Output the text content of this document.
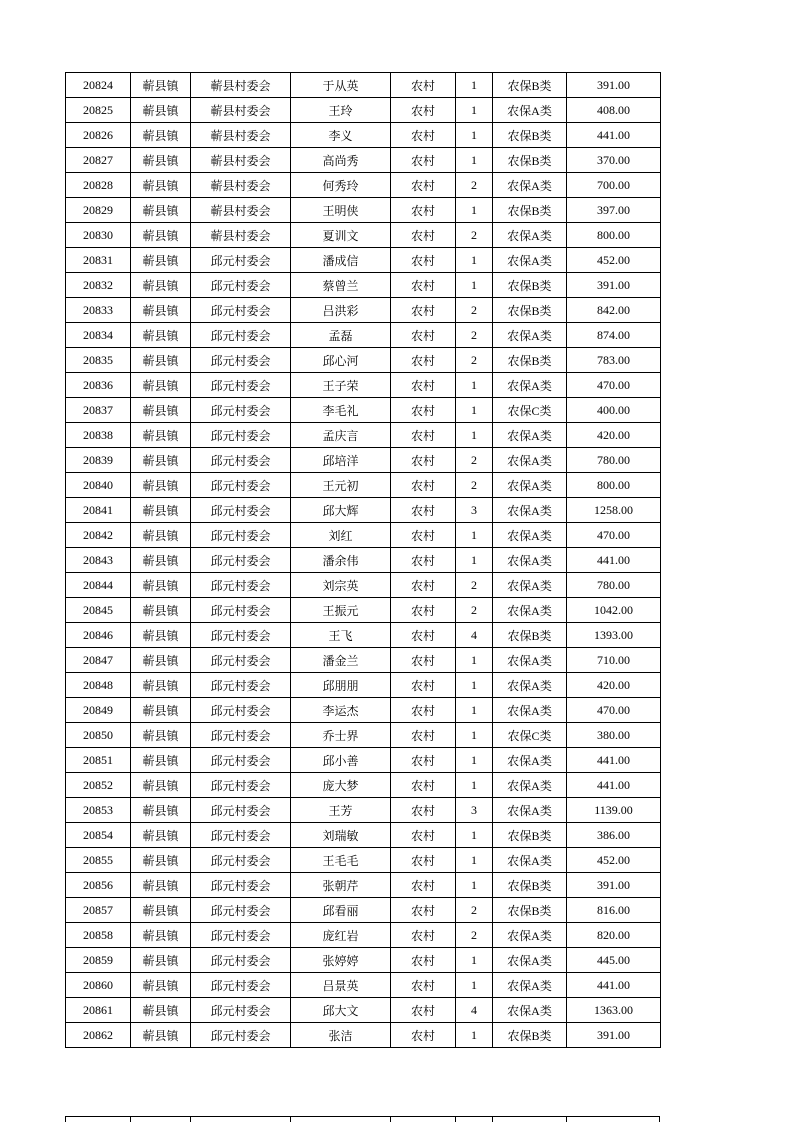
20824	蕲县镇	蕲县村委会	于从英	农村	1	农保B类	391.00
20825	蕲县镇	蕲县村委会	王玲	农村	1	农保A类	408.00
20826	蕲县镇	蕲县村委会	李义	农村	1	农保B类	441.00
20827	蕲县镇	蕲县村委会	高尚秀	农村	1	农保B类	370.00
20828	蕲县镇	蕲县村委会	何秀玲	农村	2	农保A类	700.00
20829	蕲县镇	蕲县村委会	王明侠	农村	1	农保B类	397.00
20830	蕲县镇	蕲县村委会	夏训文	农村	2	农保A类	800.00
20831	蕲县镇	邱元村委会	潘成信	农村	1	农保A类	452.00
20832	蕲县镇	邱元村委会	蔡曾兰	农村	1	农保B类	391.00
20833	蕲县镇	邱元村委会	吕洪彩	农村	2	农保B类	842.00
20834	蕲县镇	邱元村委会	孟磊	农村	2	农保A类	874.00
20835	蕲县镇	邱元村委会	邱心河	农村	2	农保B类	783.00
20836	蕲县镇	邱元村委会	王子荣	农村	1	农保A类	470.00
20837	蕲县镇	邱元村委会	李毛礼	农村	1	农保C类	400.00
20838	蕲县镇	邱元村委会	孟庆言	农村	1	农保A类	420.00
20839	蕲县镇	邱元村委会	邱培洋	农村	2	农保A类	780.00
20840	蕲县镇	邱元村委会	王元初	农村	2	农保A类	800.00
20841	蕲县镇	邱元村委会	邱大辉	农村	3	农保A类	1258.00
20842	蕲县镇	邱元村委会	刘红	农村	1	农保A类	470.00
20843	蕲县镇	邱元村委会	潘余伟	农村	1	农保A类	441.00
20844	蕲县镇	邱元村委会	刘宗英	农村	2	农保A类	780.00
20845	蕲县镇	邱元村委会	王振元	农村	2	农保A类	1042.00
20846	蕲县镇	邱元村委会	王飞	农村	4	农保B类	1393.00
20847	蕲县镇	邱元村委会	潘金兰	农村	1	农保A类	710.00
20848	蕲县镇	邱元村委会	邱朋朋	农村	1	农保A类	420.00
20849	蕲县镇	邱元村委会	李运杰	农村	1	农保A类	470.00
20850	蕲县镇	邱元村委会	乔士界	农村	1	农保C类	380.00
20851	蕲县镇	邱元村委会	邱小善	农村	1	农保A类	441.00
20852	蕲县镇	邱元村委会	庞大梦	农村	1	农保A类	441.00
20853	蕲县镇	邱元村委会	王芳	农村	3	农保A类	1139.00
20854	蕲县镇	邱元村委会	刘瑞敏	农村	1	农保B类	386.00
20855	蕲县镇	邱元村委会	王毛毛	农村	1	农保A类	452.00
20856	蕲县镇	邱元村委会	张朝芹	农村	1	农保B类	391.00
20857	蕲县镇	邱元村委会	邱看丽	农村	2	农保B类	816.00
20858	蕲县镇	邱元村委会	庞红岩	农村	2	农保A类	820.00
20859	蕲县镇	邱元村委会	张婷婷	农村	1	农保A类	445.00
20860	蕲县镇	邱元村委会	吕景英	农村	1	农保A类	441.00
20861	蕲县镇	邱元村委会	邱大文	农村	4	农保A类	1363.00
20862	蕲县镇	邱元村委会	张洁	农村	1	农保B类	391.00
